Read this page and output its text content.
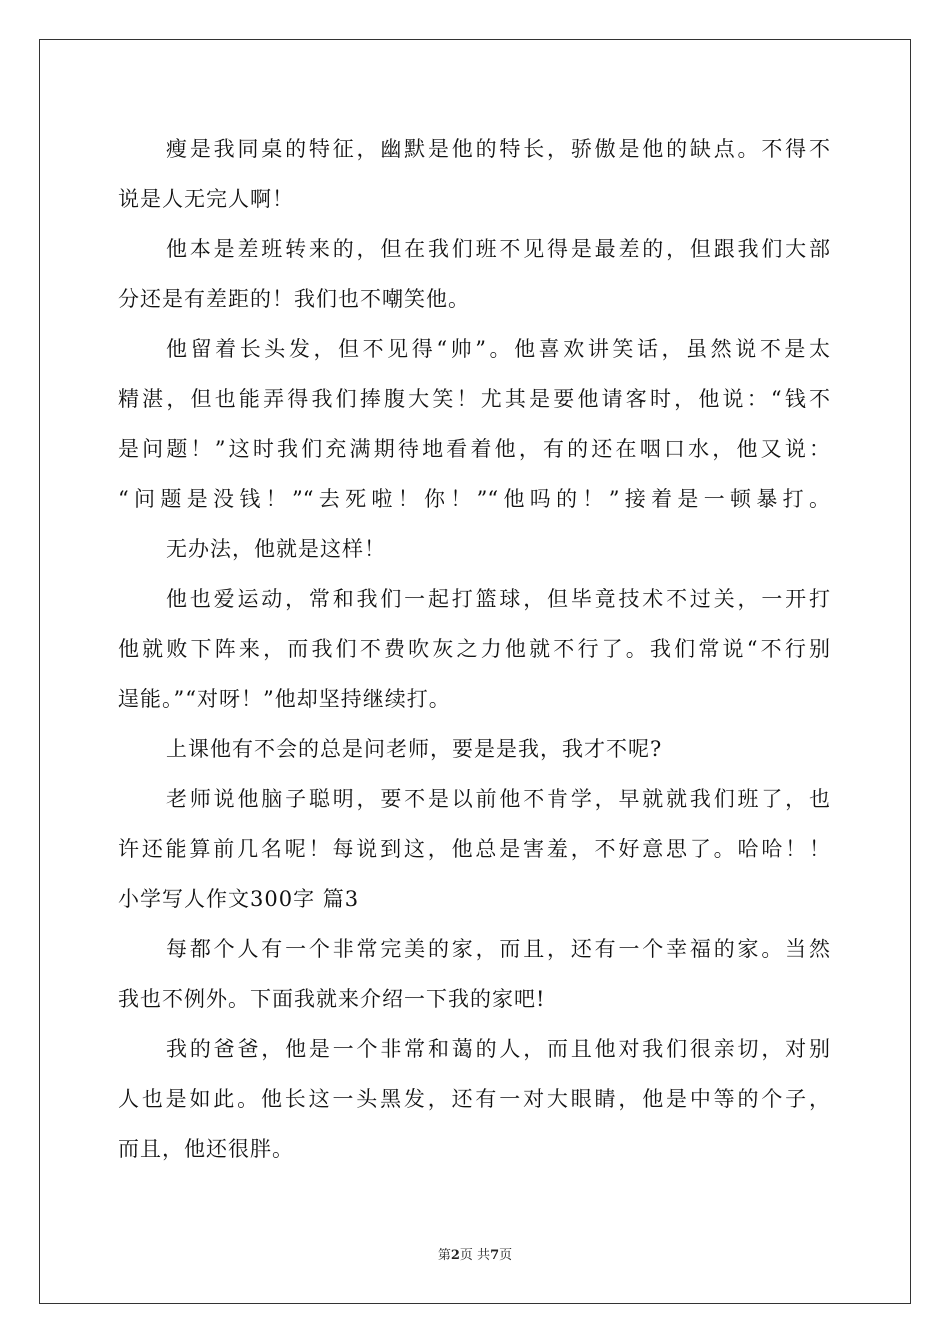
瘦是我同桌的特征，幽默是他的特长，骄傲是他的缺点。不得不
说是人无完人啊！
他本是差班转来的，但在我们班不见得是最差的，但跟我们大部
分还是有差距的！我们也不嘲笑他。
他留着长头发，但不见得“帅”。他喜欢讲笑话，虽然说不是太
精湛，但也能弄得我们捧腹大笑！尤其是要他请客时，他说：“钱不
是问题！”这时我们充满期待地看着他，有的还在咽口水，他又说：
“问题是没钱！”“去死啦！你！”“他吗的！”接着是一顿暴打。
无办法，他就是这样！
他也爱运动，常和我们一起打篮球，但毕竟技术不过关，一开打
他就败下阵来，而我们不费吹灰之力他就不行了。我们常说“不行别
逞能。”“对呀！”他却坚持继续打。
上课他有不会的总是问老师，要是是我，我才不呢?
老师说他脑子聪明，要不是以前他不肯学，早就就我们班了，也
许还能算前几名呢！每说到这，他总是害羞，不好意思了。哈哈！！
小学写人作文300字 篇3
每都个人有一个非常完美的家，而且，还有一个幸福的家。当然
我也不例外。下面我就来介绍一下我的家吧!
我的爸爸，他是一个非常和蔼的人，而且他对我们很亲切，对别
人也是如此。他长这一头黑发，还有一对大眼睛，他是中等的个子，
而且，他还很胖。
第2页 共7页
